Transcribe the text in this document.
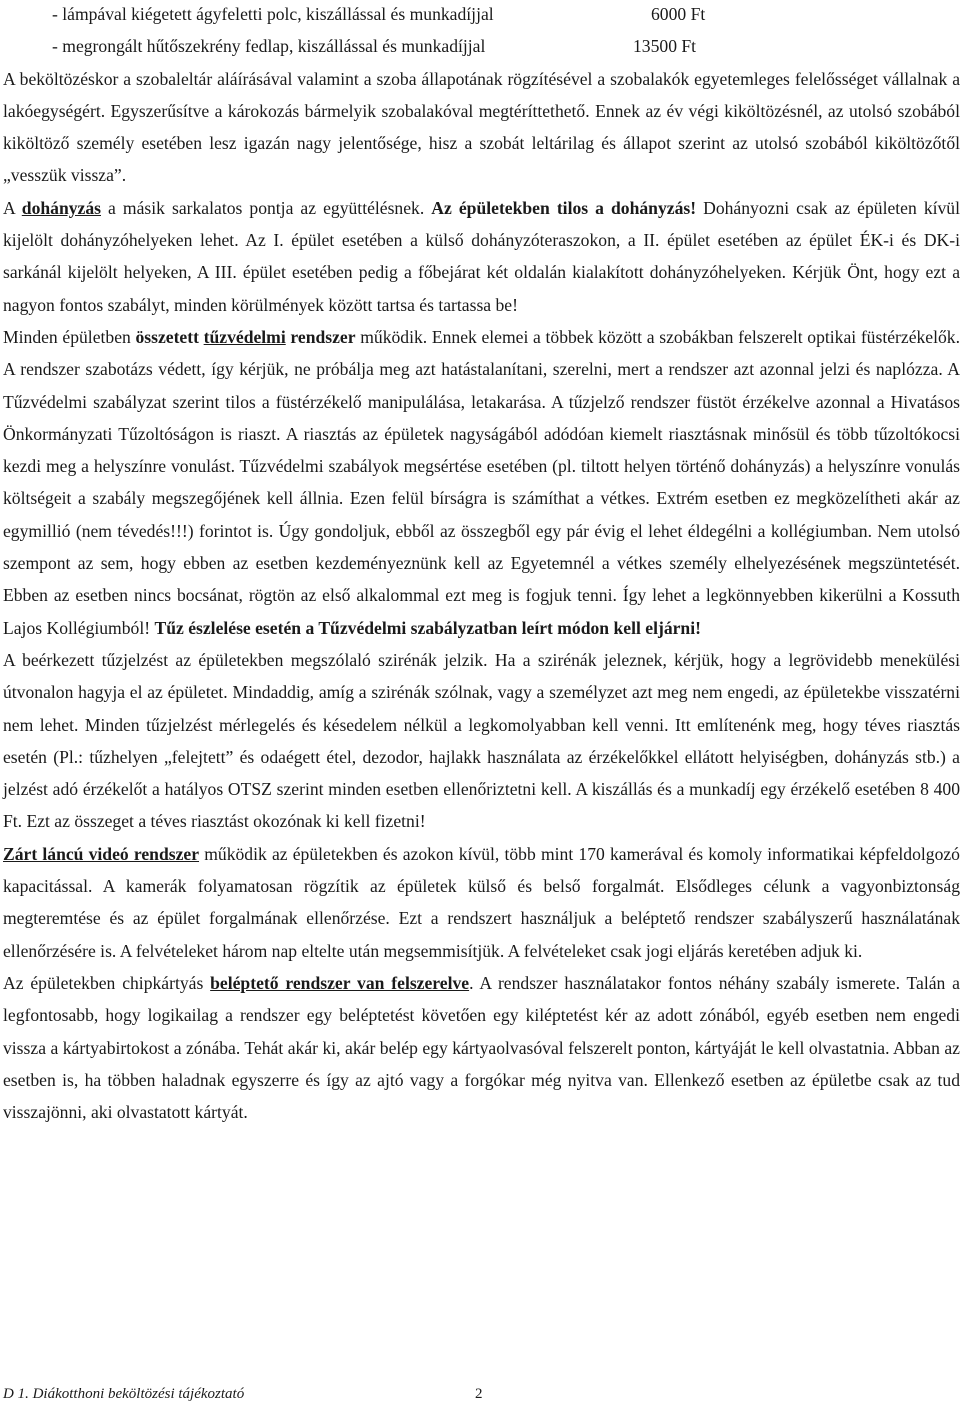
- lámpával kiégetett ágyfeletti polc, kiszállással és munkadíjjal	6000 Ft
- megrongált hűtőszekrény fedlap, kiszállással és munkadíjjal	13500 Ft

A beköltözéskor a szobaleltár aláírásával valamint a szoba állapotának rögzítésével a szobalakók egyetemleges felelősséget vállalnak a lakóegységért. Egyszerűsítve a károkozás bármelyik szobalakóval megtéríttethető. Ennek az év végi kiköltözésnél, az utolsó szobából kiköltöző személy esetében lesz igazán nagy jelentősége, hisz a szobát leltárilag és állapot szerint az utolsó szobából kiköltözőtől „vesszük vissza”.

A dohányzás a másik sarkalatos pontja az együttélésnek. Az épületekben tilos a dohányzás! Dohányozni csak az épületen kívül kijelölt dohányzóhelyeken lehet. Az I. épület esetében a külső dohányzóteraszokon, a II. épület esetében az épület ÉK-i és DK-i sarkánál kijelölt helyeken, A III. épület esetében pedig a főbejárat két oldalán kialakított dohányzóhelyeken. Kérjük Önt, hogy ezt a nagyon fontos szabályt, minden körülmények között tartsa és tartassa be!

Minden épületben összetett tűzvédelmi rendszer működik. Ennek elemei a többek között a szobákban felszerelt optikai füstérzékelők. A rendszer szabotázs védett, így kérjük, ne próbálja meg azt hatástalanítani, szerelni, mert a rendszer azt azonnal jelzi és naplózza. A Tűzvédelmi szabályzat szerint tilos a füstérzékelő manipulálása, letakarása. A tűzjelző rendszer füstöt érzékelve azonnal a Hivatásos Önkormányzati Tűzoltóságon is riaszt. A riasztás az épületek nagyságából adódóan kiemelt riasztásnak minősül és több tűzoltókocsi kezdi meg a helyszínre vonulást. Tűzvédelmi szabályok megsértése esetében (pl. tiltott helyen történő dohányzás) a helyszínre vonulás költségeit a szabály megszegőjének kell állnia. Ezen felül bírságra is számíthat a vétkes. Extrém esetben ez megközelítheti akár az egymillió (nem tévedés!!!) forintot is. Úgy gondoljuk, ebből az összegből egy pár évig el lehet éldegélni a kollégiumban. Nem utolsó szempont az sem, hogy ebben az esetben kezdeményeznünk kell az Egyetemnél a vétkes személy elhelyezésének megszüntetését. Ebben az esetben nincs bocsánat, rögtön az első alkalommal ezt meg is fogjuk tenni. Így lehet a legkönnyebben kikerülni a Kossuth Lajos Kollégiumból! Tűz észlelése esetén a Tűzvédelmi szabályzatban leírt módon kell eljárni!

A beérkezett tűzjelzést az épületekben megszólaló szirénák jelzik. Ha a szirénák jeleznek, kérjük, hogy a legrövidebb menekülési útvonalon hagyja el az épületet. Mindaddig, amíg a szirénák szólnak, vagy a személyzet azt meg nem engedi, az épületekbe visszatérni nem lehet. Minden tűzjelzést mérlegelés és késedelem nélkül a legkomolyabban kell venni. Itt említenénk meg, hogy téves riasztás esetén (Pl.: tűzhelyen „felejtett” és odaégett étel, dezodor, hajlakk használata az érzékelőkkel ellátott helyiségben, dohányzás stb.) a jelzést adó érzékelőt a hatályos OTSZ szerint minden esetben ellenőriztetni kell. A kiszállás és a munkadíj egy érzékelő esetében 8 400 Ft. Ezt az összeget a téves riasztást okozónak ki kell fizetni!

Zárt láncú videó rendszer működik az épületekben és azokon kívül, több mint 170 kamerával és komoly informatikai képfeldolgozó kapacitással. A kamerák folyamatosan rögzítik az épületek külső és belső forgalmát. Elsődleges célunk a vagyonbiztonság megteremtése és az épület forgalmának ellenőrzése. Ezt a rendszert használjuk a beléptető rendszer szabályszerű használatának ellenőrzésére is. A felvételeket három nap eltelte után megsemmisítjük. A felvételeket csak jogi eljárás keretében adjuk ki.

Az épületekben chipkártyás beléptető rendszer van felszerelve. A rendszer használatakor fontos néhány szabály ismerete. Talán a legfontosabb, hogy logikailag a rendszer egy beléptetést követően egy kiléptetést kér az adott zónából, egyéb esetben nem engedi vissza a kártyabirtokost a zónába. Tehát akár ki, akár belép egy kártyaolvasóval felszerelt ponton, kártyáját le kell olvastatnia. Abban az esetben is, ha többen haladnak egyszerre és így az ajtó vagy a forgókar még nyitva van. Ellenkező esetben az épületbe csak az tud visszajönni, aki olvastatott kártyát.

D 1. Diákotthoni beköltözési tájékoztató	2
